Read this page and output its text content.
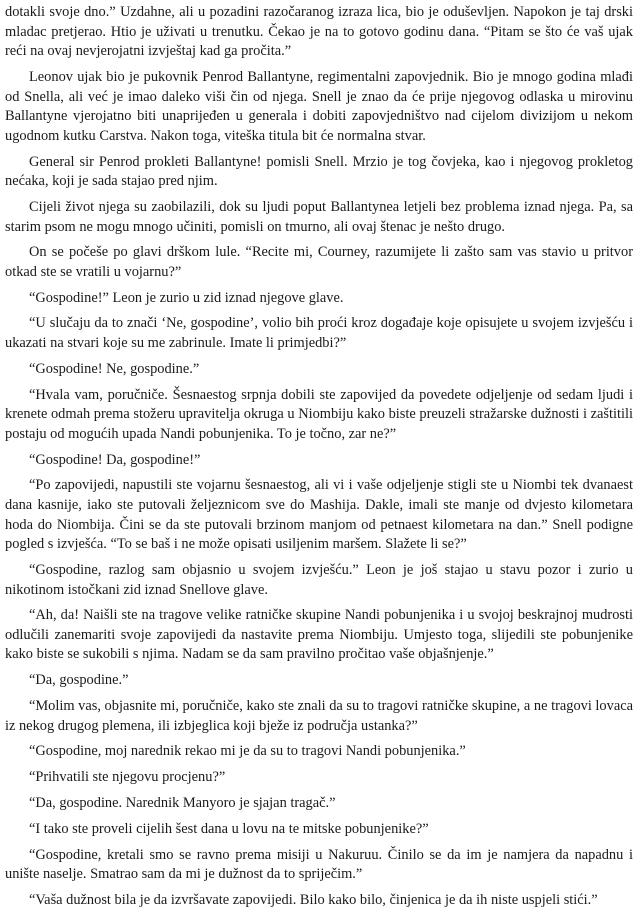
dotakli svoje dno.” Uzdahne, ali u pozadini razočaranog izraza lica, bio je oduševljen. Napokon je taj drski mladac pretjerao. Htio je uživati u trenutku. Čekao je na to gotovo godinu dana. “Pitam se što će vaš ujak reći na ovaj nevjerojatni izvještaj kad ga pročita.”

Leonov ujak bio je pukovnik Penrod Ballantyne, regimentalni zapovjednik. Bio je mnogo godina mlađi od Snella, ali već je imao daleko viši čin od njega. Snell je znao da će prije njegovog odlaska u mirovinu Ballantyne vjerojatno biti unaprijeđen u generala i dobiti zapovjedništvo nad cijelom divizijom u nekom ugodnom kutku Carstva. Nakon toga, viteška titula bit će normalna stvar.

General sir Penrod prokleti Ballantyne! pomisli Snell. Mrzio je tog čovjeka, kao i njegovog prokletog nećaka, koji je sada stajao pred njim.

Cijeli život njega su zaobilazili, dok su ljudi poput Ballantynea letjeli bez problema iznad njega. Pa, sa starim psom ne mogu mnogo učiniti, pomisli on tmurno, ali ovaj štenac je nešto drugo.

On se počeše po glavi drškom lule. “Recite mi, Courney, razumijete li zašto sam vas stavio u pritvor otkad ste se vratili u vojarnu?”

“Gospodine!” Leon je zurio u zid iznad njegove glave.

“U slučaju da to znači ‘Ne, gospodine’, volio bih proći kroz događaje koje opisujete u svojem izvješću i ukazati na stvari koje su me zabrinule. Imate li primjedbi?”

“Gospodine! Ne, gospodine.”

“Hvala vam, poručniče. Šesnaestog srpnja dobili ste zapovijed da povedete odjeljenje od sedam ljudi i krenete odmah prema stožeru upravitelja okruga u Niombiju kako biste preuzeli stražarske dužnosti i zaštitili postaju od mogućih upada Nandi pobunjenika. To je točno, zar ne?”

“Gospodine! Da, gospodine!”

“Po zapovijedi, napustili ste vojarnu šesnaestog, ali vi i vaše odjeljenje stigli ste u Niombi tek dvanaest dana kasnije, iako ste putovali željeznicom sve do Mashija. Dakle, imali ste manje od dvjesto kilometara hoda do Niombija. Čini se da ste putovali brzinom manjom od petnaest kilometara na dan.” Snell podigne pogled s izvješća. “To se baš i ne može opisati usiljenim maršem. Slažete li se?”

“Gospodine, razlog sam objasnio u svojem izvješću.” Leon je još stajao u stavu pozor i zurio u nikotinom istočkani zid iznad Snellove glave.

“Ah, da! Naišli ste na tragove velike ratničke skupine Nandi pobunjenika i u svojoj beskrajnoj mudrosti odlučili zanemariti svoje zapovijedi da nastavite prema Niombiju. Umjesto toga, slijedili ste pobunjenike kako biste se sukobili s njima. Nadam se da sam pravilno pročitao vaše objašnjenje.”

“Da, gospodine.”

“Molim vas, objasnite mi, poručniče, kako ste znali da su to tragovi ratničke skupine, a ne tragovi lovaca iz nekog drugog plemena, ili izbjeglica koji bježe iz područja ustanka?”

“Gospodine, moj narednik rekao mi je da su to tragovi Nandi pobunjenika.”

“Prihvatili ste njegovu procjenu?”

“Da, gospodine. Narednik Manyoro je sjajan tragač.”

“I tako ste proveli cijelih šest dana u lovu na te mitske pobunjenike?”

“Gospodine, kretali smo se ravno prema misiji u Nakuruu. Činilo se da im je namjera da napadnu i unište naselje. Smatrao sam da mi je dužnost da to spriječim.”

“Vaša dužnost bila je da izvršavate zapovijedi. Bilo kako bilo, činjenica je da ih niste uspjeli stići.”
